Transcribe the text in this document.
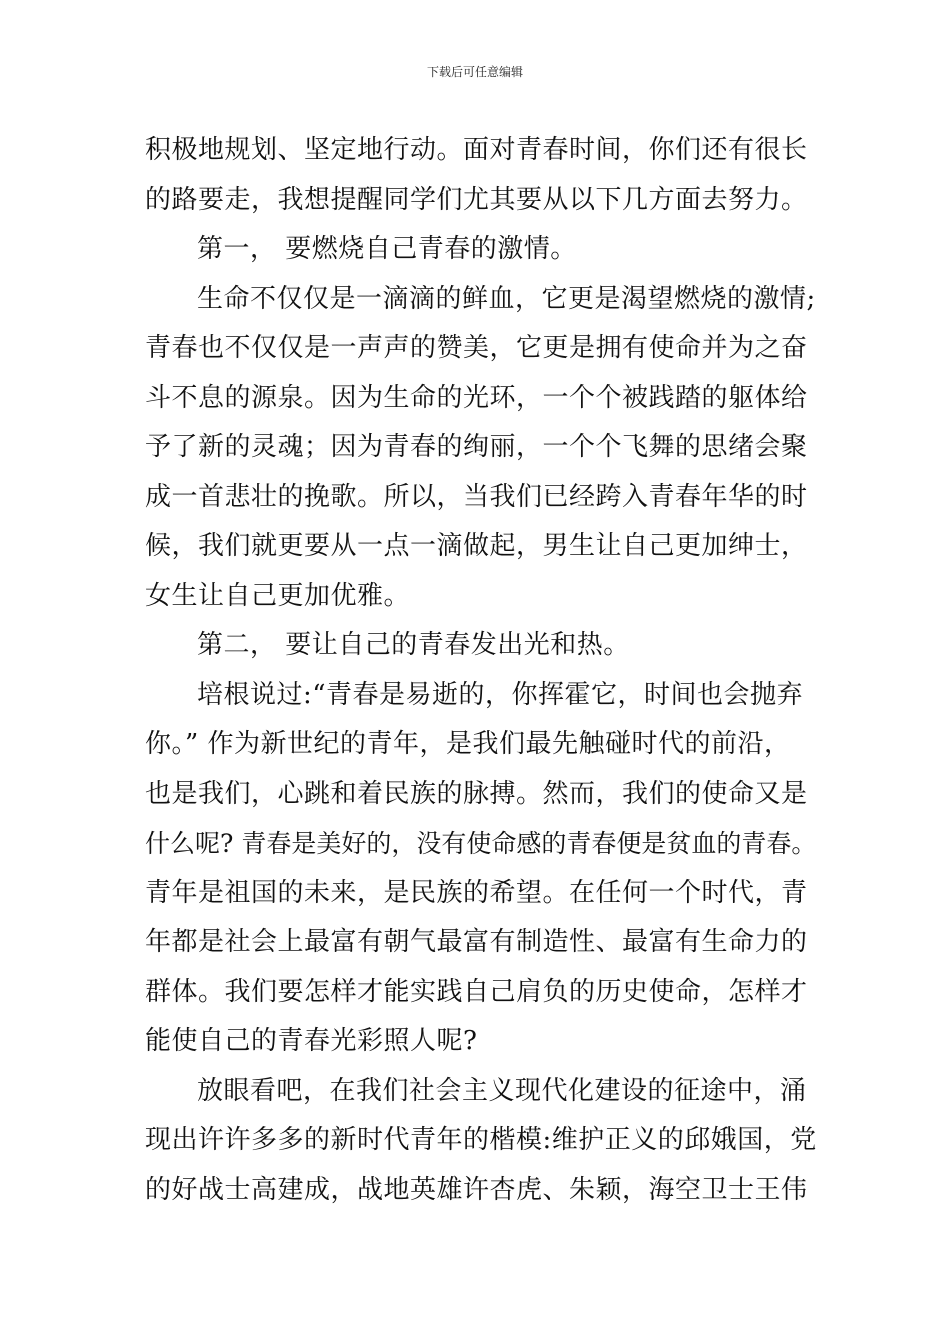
下载后可任意编辑
积极地规划、坚定地行动。面对青春时间，你们还有很长
的路要走，我想提醒同学们尤其要从以下几方面去努力。
第一， 要燃烧自己青春的激情。
生命不仅仅是一滴滴的鲜血，它更是渴望燃烧的激情;
青春也不仅仅是一声声的赞美，它更是拥有使命并为之奋
斗不息的源泉。因为生命的光环，一个个被践踏的躯体给
予了新的灵魂；因为青春的绚丽，一个个飞舞的思绪会聚
成一首悲壮的挽歌。所以，当我们已经跨入青春年华的时
候，我们就更要从一点一滴做起，男生让自己更加绅士，
女生让自己更加优雅。
第二， 要让自己的青春发出光和热。
培根说过:“青春是易逝的，你挥霍它，时间也会抛弃
你。” 作为新世纪的青年，是我们最先触碰时代的前沿，
也是我们，心跳和着民族的脉搏。然而，我们的使命又是
什么呢? 青春是美好的，没有使命感的青春便是贫血的青春。
青年是祖国的未来，是民族的希望。在任何一个时代，青
年都是社会上最富有朝气最富有制造性、最富有生命力的
群体。我们要怎样才能实践自己肩负的历史使命，怎样才
能使自己的青春光彩照人呢?
放眼看吧，在我们社会主义现代化建设的征途中，涌
现出许许多多的新时代青年的楷模:维护正义的邱娥国，党
的好战士高建成，战地英雄许杏虎、朱颖，海空卫士王伟
